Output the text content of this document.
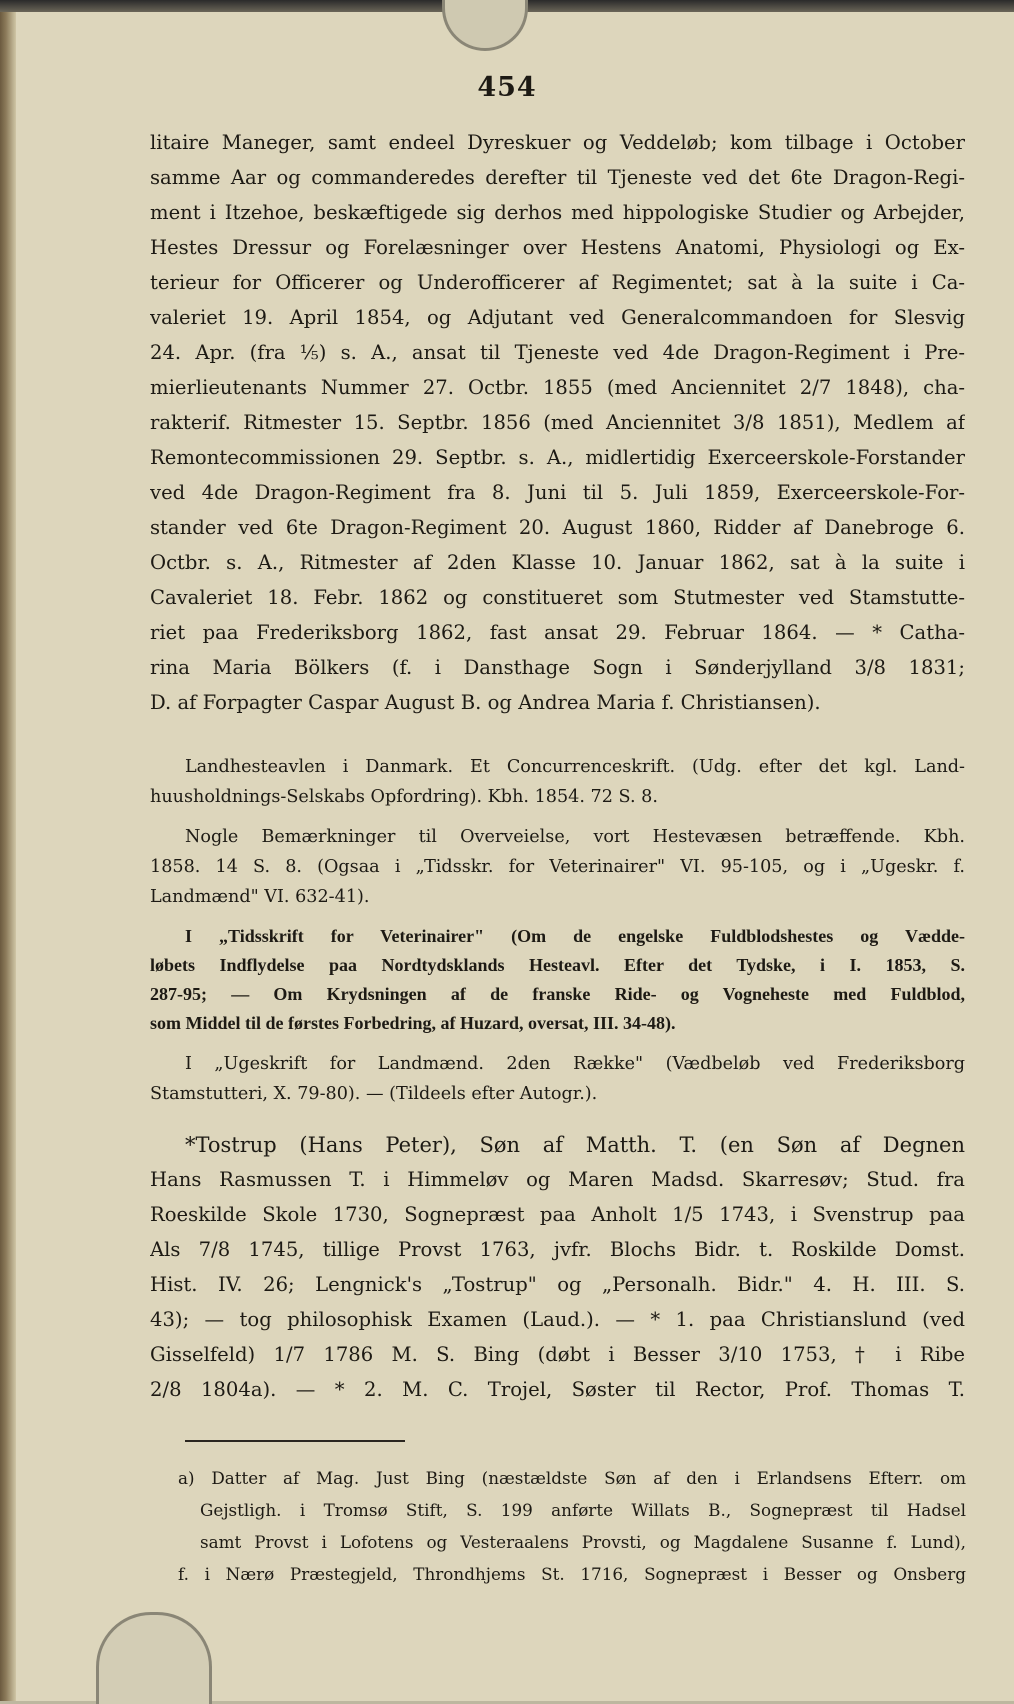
454
litaire Maneger, samt endeel Dyreskuer og Veddeløb; kom tilbage i October
samme Aar og commanderedes derefter til Tjeneste ved det 6te Dragon-Regi-
ment i Itzehoe, beskæftigede sig derhos med hippologiske Studier og Arbejder,
Hestes Dressur og Forelæsninger over Hestens Anatomi, Physiologi og Ex-
terieur for Officerer og Underofficerer af Regimentet; sat à la suite i Ca-
valeriet 19. April 1854, og Adjutant ved Generalcommandoen for Slesvig
24. Apr. (fra ⅕) s. A., ansat til Tjeneste ved 4de Dragon-Regiment i Pre-
mierlieutenants Nummer 27. Octbr. 1855 (med Anciennitet 2/7 1848), cha-
rakterif. Ritmester 15. Septbr. 1856 (med Anciennitet 3/8 1851), Medlem af
Remontecommissionen 29. Septbr. s. A., midlertidig Exerceerskole-Forstander
ved 4de Dragon-Regiment fra 8. Juni til 5. Juli 1859, Exerceerskole-For-
stander ved 6te Dragon-Regiment 20. August 1860, Ridder af Danebroge 6.
Octbr. s. A., Ritmester af 2den Klasse 10. Januar 1862, sat à la suite i
Cavaleriet 18. Febr. 1862 og constitueret som Stutmester ved Stamstutte-
riet paa Frederiksborg 1862, fast ansat 29. Februar 1864. — * Catha-
rina Maria Bölkers (f. i Dansthage Sogn i Sønderjylland 3/8 1831;
D. af Forpagter Caspar August B. og Andrea Maria f. Christiansen).
Landhesteavlen i Danmark. Et Concurrenceskrift. (Udg. efter det kgl. Land-
huusholdnings-Selskabs Opfordring). Kbh. 1854. 72 S. 8.
Nogle Bemærkninger til Overveielse, vort Hestevæsen betræffende. Kbh.
1858. 14 S. 8. (Ogsaa i „Tidsskr. for Veterinairer" VI. 95-105, og i „Ugeskr. f.
Landmænd" VI. 632-41).
I „Tidsskrift for Veterinairer" (Om de engelske Fuldblodshestes og Vædde-
løbets Indflydelse paa Nordtydsklands Hesteavl. Efter det Tydske, i I. 1853, S.
287-95; — Om Krydsningen af de franske Ride- og Vogneheste med Fuldblod,
som Middel til de førstes Forbedring, af Huzard, oversat, III. 34-48).
I „Ugeskrift for Landmænd. 2den Række" (Vædbeløb ved Frederiksborg
Stamstutteri, X. 79-80). — (Tildeels efter Autogr.).
*Tostrup (Hans Peter), Søn af Matth. T. (en Søn af Degnen
Hans Rasmussen T. i Himmeløv og Maren Madsd. Skarresøv; Stud. fra
Roeskilde Skole 1730, Sognepræst paa Anholt 1/5 1743, i Svenstrup paa
Als 7/8 1745, tillige Provst 1763, jvfr. Blochs Bidr. t. Roskilde Domst.
Hist. IV. 26; Lengnick's „Tostrup" og „Personalh. Bidr." 4. H. III. S.
43); — tog philosophisk Examen (Laud.). — * 1. paa Christianslund (ved
Gisselfeld) 1/7 1786 M. S. Bing (døbt i Besser 3/10 1753, † i Ribe
2/8 1804a). — * 2. M. C. Trojel, Søster til Rector, Prof. Thomas T.
a) Datter af Mag. Just Bing (næstældste Søn af den i Erlandsens Efterr. om
Gejstligh. i Tromsø Stift, S. 199 anførte Willats B., Sognepræst til Hadsel
samt Provst i Lofotens og Vesteraalens Provsti, og Magdalene Susanne f. Lund),
f. i Nærø Præstegjeld, Throndhjems St. 1716, Sognepræst i Besser og Onsberg
